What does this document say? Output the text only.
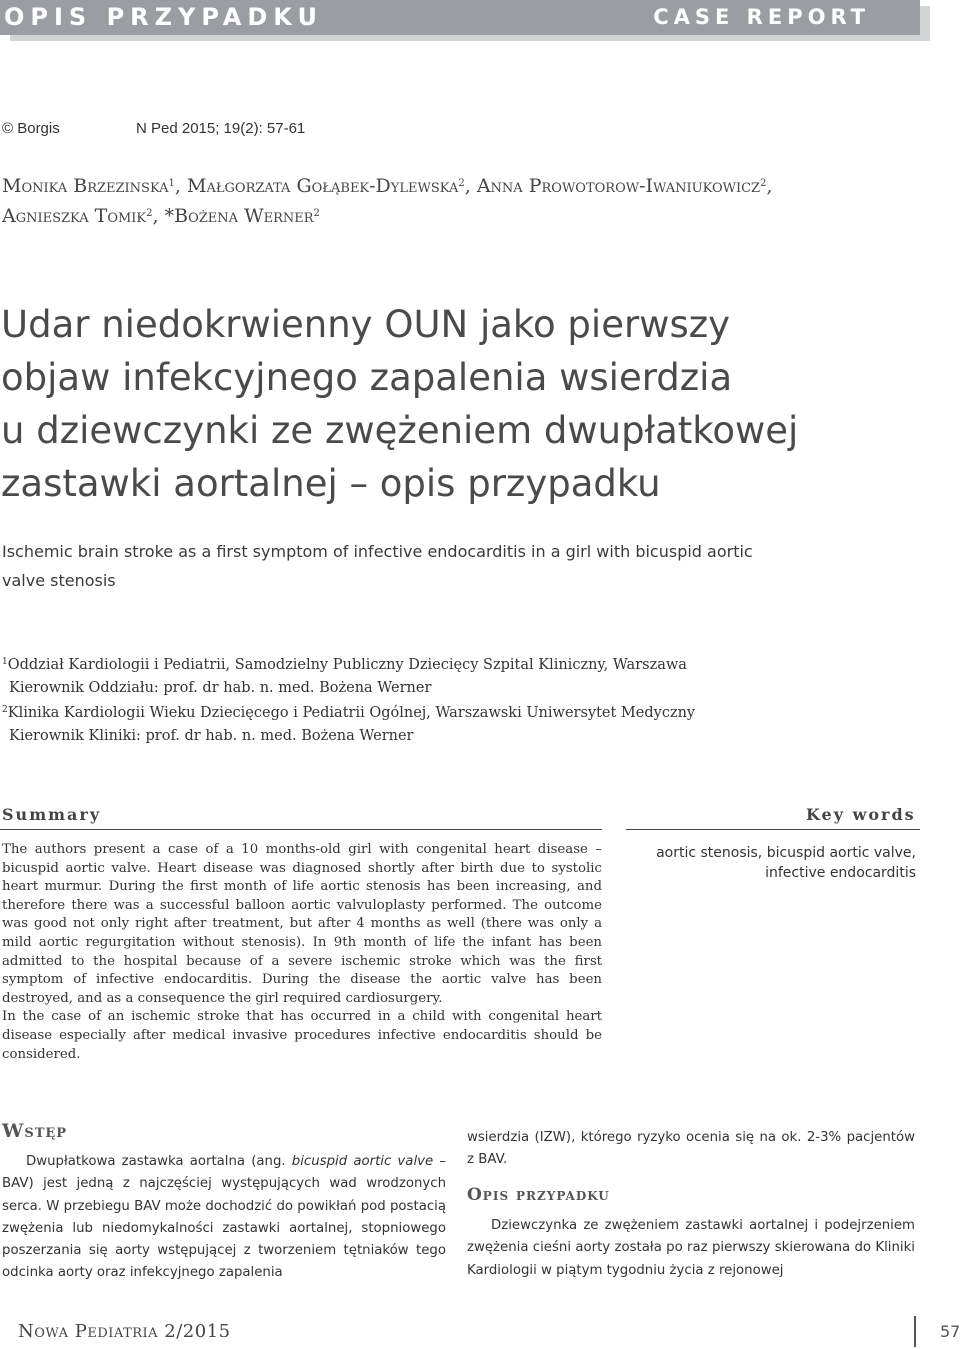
OPIS PRZYPADKU	CASE REPORT
© Borgis	N Ped 2015; 19(2): 57-61
Monika Brzezinska$^1$, Małgorzata Gołąbek-Dylewska$^2$, Anna Prowotorow-Iwaniukowicz$^2$,
Agnieszka Tomik$^2$, *Bożena Werner$^2$
Udar niedokrwienny OUN jako pierwszy
objaw infekcyjnego zapalenia wsierdzia
u dziewczynki ze zwężeniem dwupłatkowej
zastawki aortalnej – opis przypadku
Ischemic brain stroke as a first symptom of infective endocarditis in a girl with bicuspid aortic
valve stenosis
$^1$Oddział Kardiologii i Pediatrii, Samodzielny Publiczny Dziecięcy Szpital Kliniczny, Warszawa
Kierownik Oddziału: prof. dr hab. n. med. Bożena Werner
$^2$Klinika Kardiologii Wieku Dziecięcego i Pediatrii Ogólnej, Warszawski Uniwersytet Medyczny
Kierownik Kliniki: prof. dr hab. n. med. Bożena Werner
Summary	Key words

The authors present a case of a 10 months-old girl with congenital heart disease – bicuspid aortic valve. Heart disease was diagnosed shortly after birth due to systolic heart murmur. During the first month of life aortic stenosis has been increasing, and therefore there was a successful balloon aortic valvuloplasty performed. The outcome was good not only right after treatment, but after 4 months as well (there was only a mild aortic regurgitation without stenosis). In 9th month of life the infant has been admitted to the hospital because of a severe ischemic stroke which was the first symptom of infective endocarditis. During the disease the aortic valve has been destroyed, and as a consequence the girl required cardiosurgery.

In the case of an ischemic stroke that has occurred in a child with congenital heart disease especially after medical invasive procedures infective endocarditis should be considered.

aortic stenosis, bicuspid aortic valve, infective endocarditis
Wstęp

Dwupłatkowa zastawka aortalna (ang. bicuspid aortic valve – BAV) jest jedną z najczęściej występujących wad wrodzonych serca. W przebiegu BAV może dochodzić do powikłań pod postacią zwężenia lub niedomykalności zastawki aortalnej, stopniowego poszerzania się aorty wstępującej z tworzeniem tętniaków tego odcinka aorty oraz infekcyjnego zapalenia

wsierdzia (IZW), którego ryzyko ocenia się na ok. 2-3% pacjentów z BAV.

Opis przypadku

Dziewczynka ze zwężeniem zastawki aortalnej i podejrzeniem zwężenia cieśni aorty została po raz pierwszy skierowana do Kliniki Kardiologii w piątym tygodniu życia z rejonowej

Nowa Pediatria 2/2015	57
